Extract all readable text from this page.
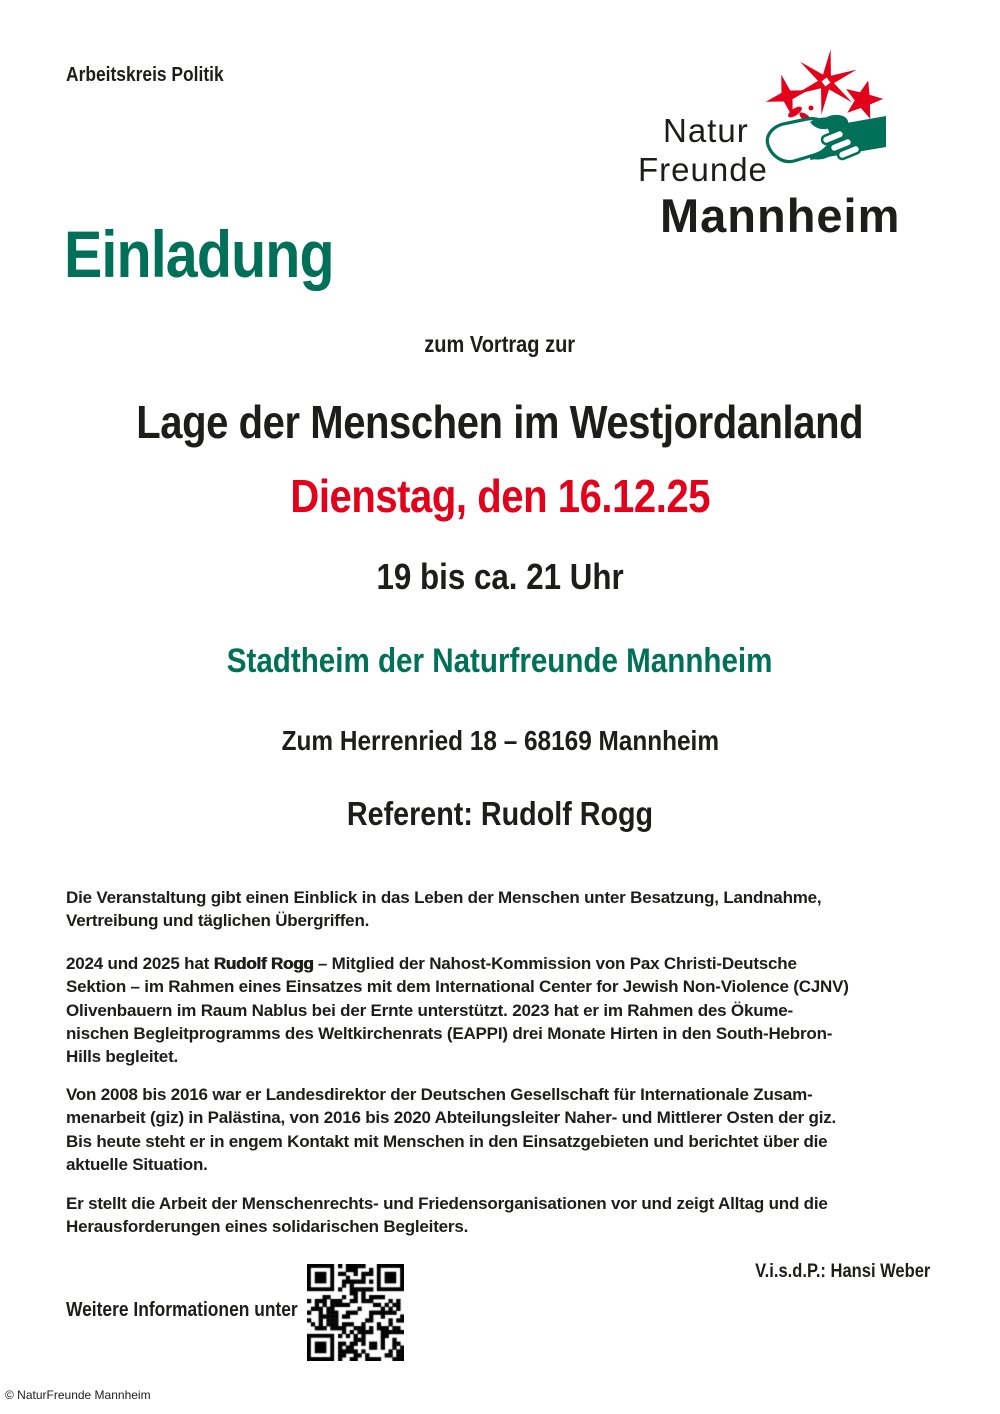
Arbeitskreis Politik
Natur
Freunde
Mannheim
Einladung
zum Vortrag zur
Lage der Menschen im Westjordanland
Dienstag, den 16.12.25
19 bis ca. 21 Uhr
Stadtheim der Naturfreunde Mannheim
Zum Herrenried 18 – 68169 Mannheim
Referent: Rudolf Rogg
Die Veranstaltung gibt einen Einblick in das Leben der Menschen unter Besatzung, Landnahme,
Vertreibung und täglichen Übergriffen.
2024 und 2025 hat Rudolf Rogg – Mitglied der Nahost-Kommission von Pax Christi-Deutsche
Sektion – im Rahmen eines Einsatzes mit dem International Center for Jewish Non-Violence (CJNV)
Olivenbauern im Raum Nablus bei der Ernte unterstützt. 2023 hat er im Rahmen des Ökume-
nischen Begleitprogramms des Weltkirchenrats (EAPPI) drei Monate Hirten in den South-Hebron-
Hills begleitet.
Von 2008 bis 2016 war er Landesdirektor der Deutschen Gesellschaft für Internationale Zusam-
menarbeit (giz) in Palästina, von 2016 bis 2020 Abteilungsleiter Naher- und Mittlerer Osten der giz.
Bis heute steht er in engem Kontakt mit Menschen in den Einsatzgebieten und berichtet über die
aktuelle Situation.
Er stellt die Arbeit der Menschenrechts- und Friedensorganisationen vor und zeigt Alltag und die
Herausforderungen eines solidarischen Begleiters.
V.i.s.d.P.: Hansi Weber
Weitere Informationen unter
© NaturFreunde Mannheim
